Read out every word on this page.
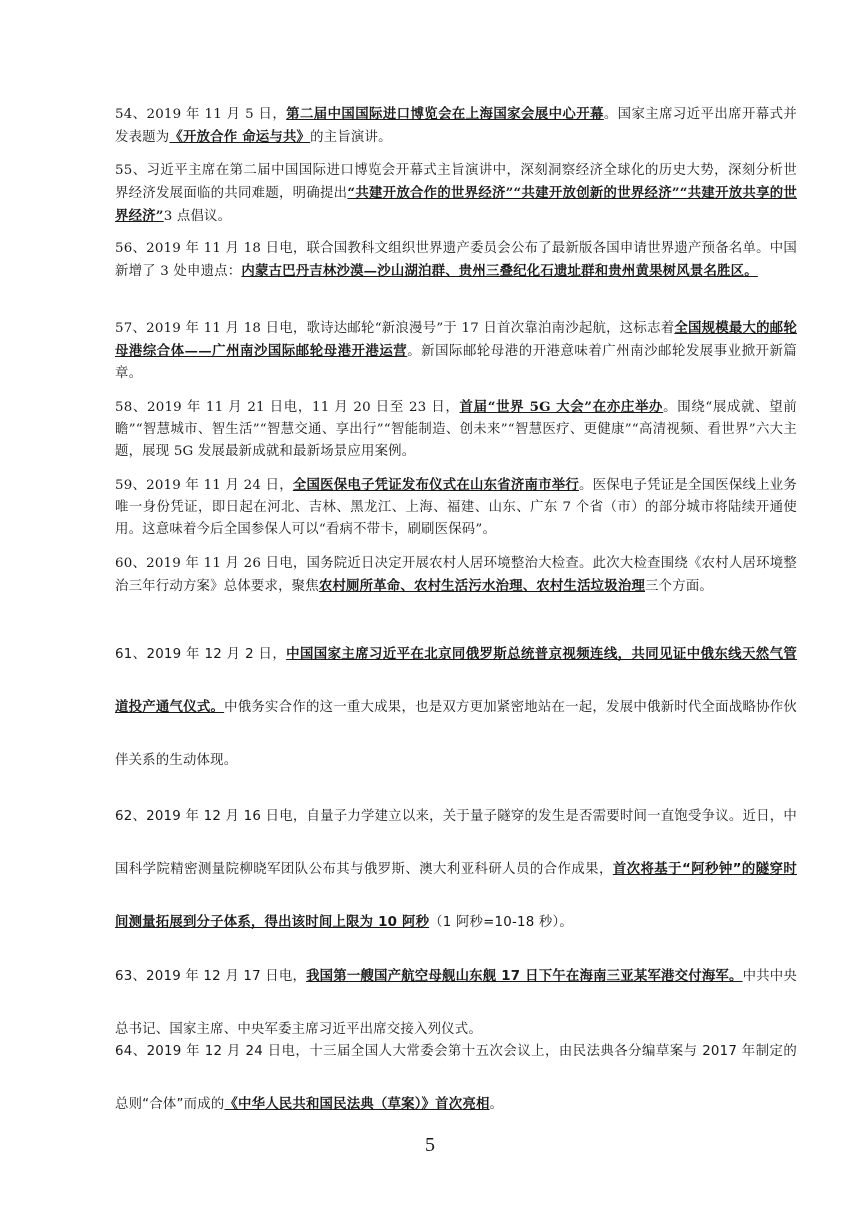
54、2019 年 11 月 5 日，第二届中国国际进口博览会在上海国家会展中心开幕。国家主席习近平出席开幕式并发表题为《开放合作 命运与共》的主旨演讲。
55、习近平主席在第二届中国国际进口博览会开幕式主旨演讲中，深刻洞察经济全球化的历史大势，深刻分析世界经济发展面临的共同难题，明确提出“共建开放合作的世界经济”“共建开放创新的世界经济”“共建开放共享的世界经济”3 点倡议。
56、2019 年 11 月 18 日电，联合国教科文组织世界遗产委员会公布了最新版各国申请世界遗产预备名单。中国新增了 3 处申遗点：内蒙古巴丹吉林沙漠—沙山湖泊群、贵州三叠纪化石遗址群和贵州黄果树风景名胜区。
57、2019 年 11 月 18 日电，歌诗达邮轮“新浪漫号”于 17 日首次靠泊南沙起航，这标志着全国规模最大的邮轮母港综合体——广州南沙国际邮轮母港开港运营。新国际邮轮母港的开港意味着广州南沙邮轮发展事业掀开新篇章。
58、2019 年 11 月 21 日电，11 月 20 日至 23 日，首届“世界 5G 大会”在亦庄举办。围绕“展成就、望前瞻”“智慧城市、智生活”“智慧交通、享出行”“智能制造、创未来”“智慧医疗、更健康”“高清视频、看世界”六大主题，展现 5G 发展最新成就和最新场景应用案例。
59、2019 年 11 月 24 日，全国医保电子凭证发布仪式在山东省济南市举行。医保电子凭证是全国医保线上业务唯一身份凭证，即日起在河北、吉林、黑龙江、上海、福建、山东、广东 7 个省（市）的部分城市将陆续开通使用。这意味着今后全国参保人可以“看病不带卡，刷刷医保码”。
60、2019 年 11 月 26 日电，国务院近日决定开展农村人居环境整治大检查。此次大检查围绕《农村人居环境整治三年行动方案》总体要求，聚焦农村厕所革命、农村生活污水治理、农村生活垃圾治理三个方面。
61、2019 年 12 月 2 日，中国国家主席习近平在北京同俄罗斯总统普京视频连线，共同见证中俄东线天然气管道投产通气仪式。中俄务实合作的这一重大成果，也是双方更加紧密地站在一起，发展中俄新时代全面战略协作伙伴关系的生动体现。
62、2019 年 12 月 16 日电，自量子力学建立以来，关于量子隧穿的发生是否需要时间一直饱受争议。近日，中国科学院精密测量院柳晓军团队公布其与俄罗斯、澳大利亚科研人员的合作成果，首次将基于“阿秒钟”的隧穿时间测量拓展到分子体系，得出该时间上限为 10 阿秒（1 阿秒=10-18 秒）。
63、2019 年 12 月 17 日电，我国第一艘国产航空母舰山东舰 17 日下午在海南三亚某军港交付海军。中共中央总书记、国家主席、中央军委主席习近平出席交接入列仪式。
64、2019 年 12 月 24 日电，十三届全国人大常委会第十五次会议上，由民法典各分编草案与 2017 年制定的总则“合体”而成的《中华人民共和国民法典（草案）》首次亮相。
5
